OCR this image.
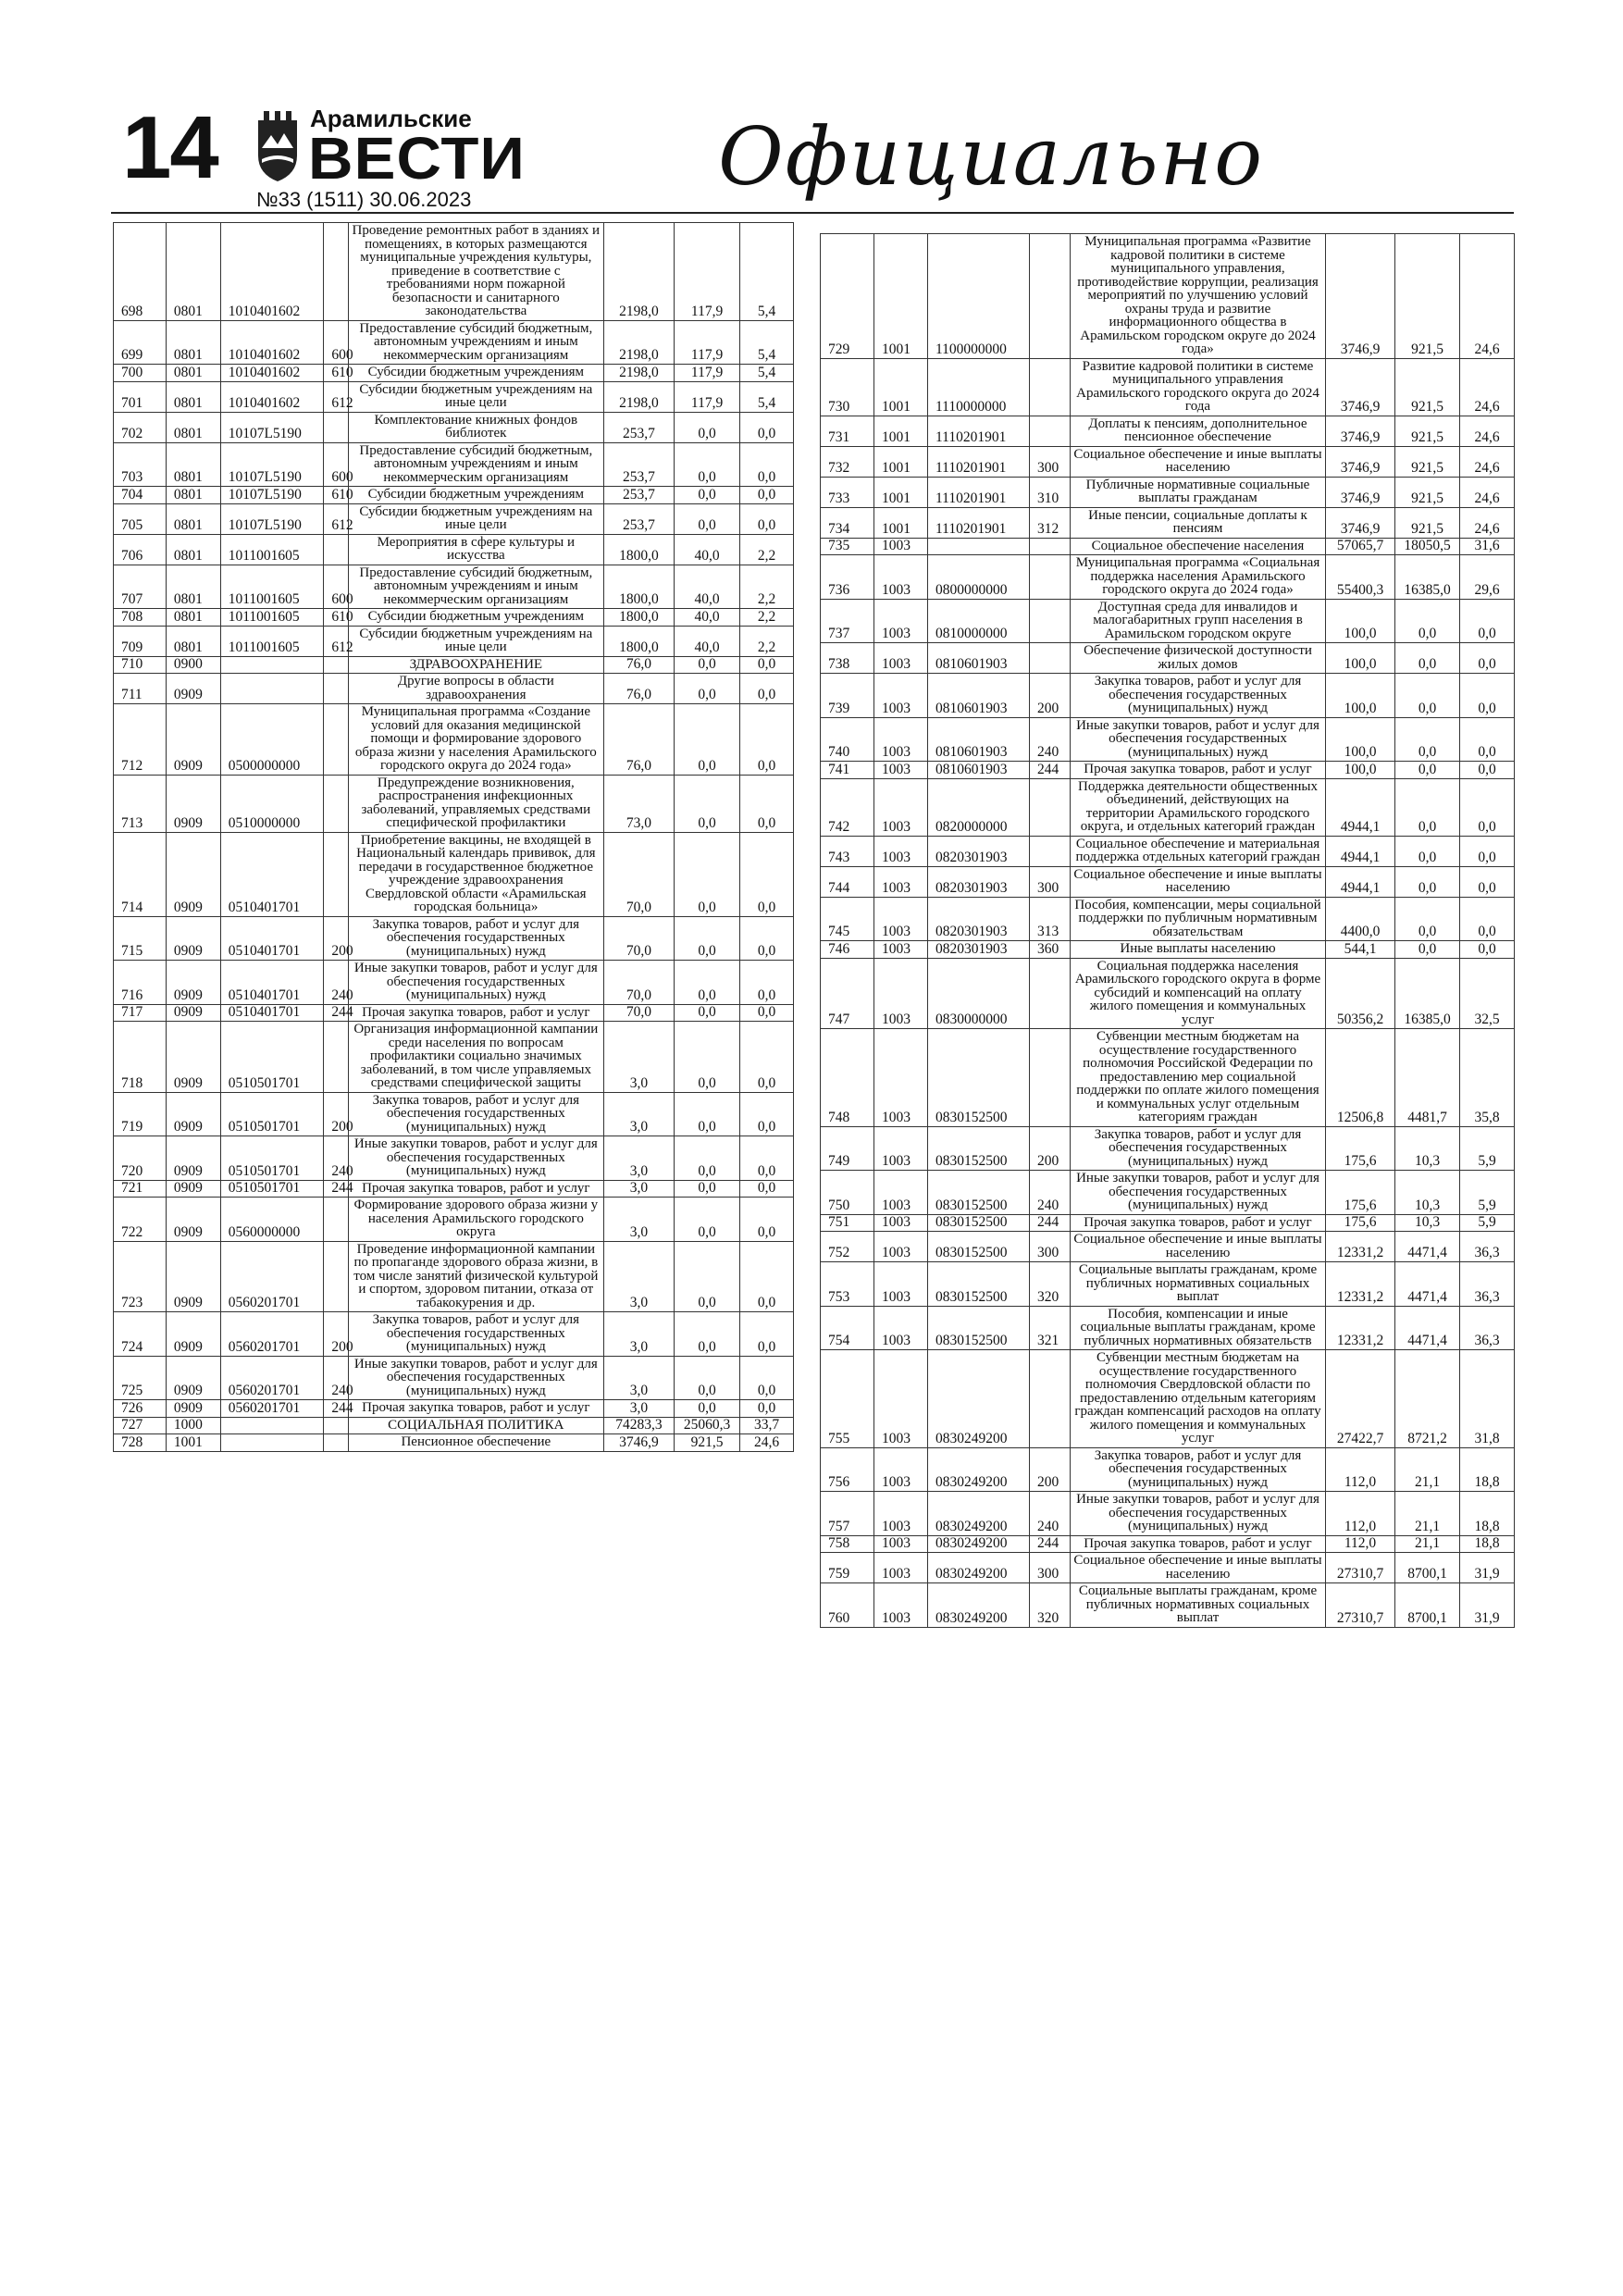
14	Арамильские
ВЕСТИ
№33 (1511) 30.06.2023	Официально
698	0801	1010401602		Проведение ремонтных работ в зданиях и помещениях, в которых размещаются муниципальные учреждения культуры, приведение в соответствие с требованиями норм пожарной безопасности и санитарного законодательства	2198,0	117,9	5,4
699	0801	1010401602	600	Предоставление субсидий бюджетным, автономным учреждениям и иным некоммерческим организациям	2198,0	117,9	5,4
700	0801	1010401602	610	Субсидии бюджетным учреждениям	2198,0	117,9	5,4
701	0801	1010401602	612	Субсидии бюджетным учреждениям на иные цели	2198,0	117,9	5,4
702	0801	10107L5190		Комплектование книжных фондов библиотек	253,7	0,0	0,0
703	0801	10107L5190	600	Предоставление субсидий бюджетным, автономным учреждениям и иным некоммерческим организациям	253,7	0,0	0,0
704	0801	10107L5190	610	Субсидии бюджетным учреждениям	253,7	0,0	0,0
705	0801	10107L5190	612	Субсидии бюджетным учреждениям на иные цели	253,7	0,0	0,0
706	0801	1011001605		Мероприятия в сфере культуры и искусства	1800,0	40,0	2,2
707	0801	1011001605	600	Предоставление субсидий бюджетным, автономным учреждениям и иным некоммерческим организациям	1800,0	40,0	2,2
708	0801	1011001605	610	Субсидии бюджетным учреждениям	1800,0	40,0	2,2
709	0801	1011001605	612	Субсидии бюджетным учреждениям на иные цели	1800,0	40,0	2,2
710	0900			ЗДРАВООХРАНЕНИЕ	76,0	0,0	0,0
711	0909			Другие вопросы в области здравоохранения	76,0	0,0	0,0
712	0909	0500000000		Муниципальная программа «Создание условий для оказания медицинской помощи и формирование здорового образа жизни у населения Арамильского городского округа до 2024 года»	76,0	0,0	0,0
713	0909	0510000000		Предупреждение возникновения, распространения инфекционных заболеваний, управляемых средствами специфической профилактики	73,0	0,0	0,0
714	0909	0510401701		Приобретение вакцины, не входящей в Национальный календарь прививок, для передачи в государственное бюджетное учреждение здравоохранения Свердловской области «Арамильская городская больница»	70,0	0,0	0,0
715	0909	0510401701	200	Закупка товаров, работ и услуг для обеспечения государственных (муниципальных) нужд	70,0	0,0	0,0
716	0909	0510401701	240	Иные закупки товаров, работ и услуг для обеспечения государственных (муниципальных) нужд	70,0	0,0	0,0
717	0909	0510401701	244	Прочая закупка товаров, работ и услуг	70,0	0,0	0,0
718	0909	0510501701		Организация информационной кампании среди населения по вопросам профилактики социально значимых заболеваний, в том числе управляемых средствами специфической защиты	3,0	0,0	0,0
719	0909	0510501701	200	Закупка товаров, работ и услуг для обеспечения государственных (муниципальных) нужд	3,0	0,0	0,0
720	0909	0510501701	240	Иные закупки товаров, работ и услуг для обеспечения государственных (муниципальных) нужд	3,0	0,0	0,0
721	0909	0510501701	244	Прочая закупка товаров, работ и услуг	3,0	0,0	0,0
722	0909	0560000000		Формирование здорового образа жизни у населения Арамильского городского округа	3,0	0,0	0,0
723	0909	0560201701		Проведение информационной кампании по пропаганде здорового образа жизни, в том числе занятий физической культурой и спортом, здоровом питании, отказа от табакокурения и др.	3,0	0,0	0,0
724	0909	0560201701	200	Закупка товаров, работ и услуг для обеспечения государственных (муниципальных) нужд	3,0	0,0	0,0
725	0909	0560201701	240	Иные закупки товаров, работ и услуг для обеспечения государственных (муниципальных) нужд	3,0	0,0	0,0
726	0909	0560201701	244	Прочая закупка товаров, работ и услуг	3,0	0,0	0,0
727	1000			СОЦИАЛЬНАЯ ПОЛИТИКА	74283,3	25060,3	33,7
728	1001			Пенсионное обеспечение	3746,9	921,5	24,6
729	1001	1100000000		Муниципальная программа «Развитие кадровой политики в системе муниципального управления, противодействие коррупции, реализация мероприятий по улучшению условий охраны труда и развитие информационного общества в Арамильском городском округе до 2024 года»	3746,9	921,5	24,6
730	1001	1110000000		Развитие кадровой политики в системе муниципального управления Арамильского городского округа до 2024 года	3746,9	921,5	24,6
731	1001	1110201901		Доплаты к пенсиям, дополнительное пенсионное обеспечение	3746,9	921,5	24,6
732	1001	1110201901	300	Социальное обеспечение и иные выплаты населению	3746,9	921,5	24,6
733	1001	1110201901	310	Публичные нормативные социальные выплаты гражданам	3746,9	921,5	24,6
734	1001	1110201901	312	Иные пенсии, социальные доплаты к пенсиям	3746,9	921,5	24,6
735	1003			Социальное обеспечение населения	57065,7	18050,5	31,6
736	1003	0800000000		Муниципальная программа «Социальная поддержка населения Арамильского городского округа до 2024 года»	55400,3	16385,0	29,6
737	1003	0810000000		Доступная среда для инвалидов и малогабаритных групп населения в Арамильском городском округе	100,0	0,0	0,0
738	1003	0810601903		Обеспечение физической доступности жилых домов	100,0	0,0	0,0
739	1003	0810601903	200	Закупка товаров, работ и услуг для обеспечения государственных (муниципальных) нужд	100,0	0,0	0,0
740	1003	0810601903	240	Иные закупки товаров, работ и услуг для обеспечения государственных (муниципальных) нужд	100,0	0,0	0,0
741	1003	0810601903	244	Прочая закупка товаров, работ и услуг	100,0	0,0	0,0
742	1003	0820000000		Поддержка деятельности общественных объединений, действующих на территории Арамильского городского округа, и отдельных категорий граждан	4944,1	0,0	0,0
743	1003	0820301903		Социальное обеспечение и материальная поддержка отдельных категорий граждан	4944,1	0,0	0,0
744	1003	0820301903	300	Социальное обеспечение и иные выплаты населению	4944,1	0,0	0,0
745	1003	0820301903	313	Пособия, компенсации, меры социальной поддержки по публичным нормативным обязательствам	4400,0	0,0	0,0
746	1003	0820301903	360	Иные выплаты населению	544,1	0,0	0,0
747	1003	0830000000		Социальная поддержка населения Арамильского городского округа в форме субсидий и компенсаций на оплату жилого помещения и коммунальных услуг	50356,2	16385,0	32,5
748	1003	0830152500		Субвенции местным бюджетам на осуществление государственного полномочия Российской Федерации по предоставлению мер социальной поддержки по оплате жилого помещения и коммунальных услуг отдельным категориям граждан	12506,8	4481,7	35,8
749	1003	0830152500	200	Закупка товаров, работ и услуг для обеспечения государственных (муниципальных) нужд	175,6	10,3	5,9
750	1003	0830152500	240	Иные закупки товаров, работ и услуг для обеспечения государственных (муниципальных) нужд	175,6	10,3	5,9
751	1003	0830152500	244	Прочая закупка товаров, работ и услуг	175,6	10,3	5,9
752	1003	0830152500	300	Социальное обеспечение и иные выплаты населению	12331,2	4471,4	36,3
753	1003	0830152500	320	Социальные выплаты гражданам, кроме публичных нормативных социальных выплат	12331,2	4471,4	36,3
754	1003	0830152500	321	Пособия, компенсации и иные социальные выплаты гражданам, кроме публичных нормативных обязательств	12331,2	4471,4	36,3
755	1003	0830249200		Субвенции местным бюджетам на осуществление государственного полномочия Свердловской области по предоставлению отдельным категориям граждан компенсаций расходов на оплату жилого помещения и коммунальных услуг	27422,7	8721,2	31,8
756	1003	0830249200	200	Закупка товаров, работ и услуг для обеспечения государственных (муниципальных) нужд	112,0	21,1	18,8
757	1003	0830249200	240	Иные закупки товаров, работ и услуг для обеспечения государственных (муниципальных) нужд	112,0	21,1	18,8
758	1003	0830249200	244	Прочая закупка товаров, работ и услуг	112,0	21,1	18,8
759	1003	0830249200	300	Социальное обеспечение и иные выплаты населению	27310,7	8700,1	31,9
760	1003	0830249200	320	Социальные выплаты гражданам, кроме публичных нормативных социальных выплат	27310,7	8700,1	31,9
